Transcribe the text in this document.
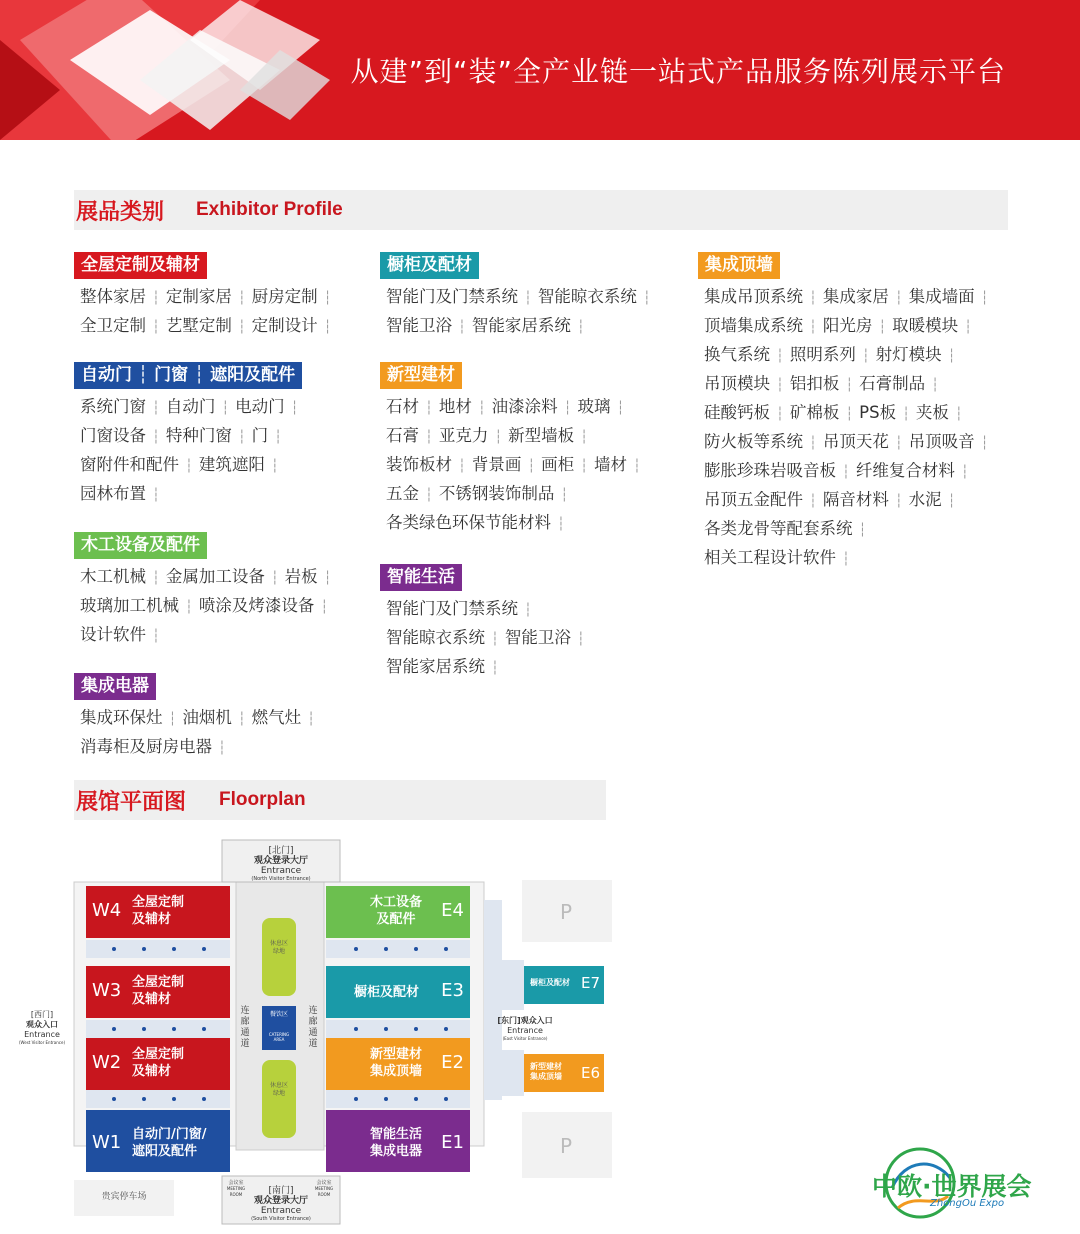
从建”到“装”全产业链一站式产品服务陈列展示平台
展品类别 Exhibitor Profile
全屋定制及辅材
整体家居 ┆ 定制家居 ┆ 厨房定制 ┆
全卫定制 ┆ 艺墅定制 ┆ 定制设计 ┆
自动门 ┆ 门窗 ┆ 遮阳及配件
系统门窗 ┆ 自动门 ┆ 电动门 ┆
门窗设备 ┆ 特种门窗 ┆ 门 ┆
窗附件和配件 ┆ 建筑遮阳 ┆
园林布置 ┆
木工设备及配件
木工机械 ┆ 金属加工设备 ┆ 岩板 ┆
玻璃加工机械 ┆ 喷涂及烤漆设备 ┆
设计软件 ┆
集成电器
集成环保灶 ┆ 油烟机 ┆ 燃气灶 ┆
消毒柜及厨房电器 ┆
橱柜及配材
智能门及门禁系统 ┆ 智能晾衣系统 ┆
智能卫浴 ┆ 智能家居系统 ┆
新型建材
石材 ┆ 地材 ┆ 油漆涂料 ┆ 玻璃 ┆
石膏 ┆ 亚克力 ┆ 新型墙板 ┆
装饰板材 ┆ 背景画 ┆ 画柜 ┆ 墙材 ┆
五金 ┆ 不锈钢装饰制品 ┆
各类绿色环保节能材料 ┆
智能生活
智能门及门禁系统 ┆
智能晾衣系统 ┆ 智能卫浴 ┆
智能家居系统 ┆
集成顶墙
集成吊顶系统 ┆ 集成家居 ┆ 集成墙面 ┆
顶墙集成系统 ┆ 阳光房 ┆ 取暖模块 ┆
换气系统 ┆ 照明系列 ┆ 射灯模块 ┆
吊顶模块 ┆ 铝扣板 ┆ 石膏制品 ┆
硅酸钙板 ┆ 矿棉板 ┆ PS板 ┆ 夹板 ┆
防火板等系统 ┆ 吊顶天花 ┆ 吊顶吸音 ┆
膨胀珍珠岩吸音板 ┆ 纤维复合材料 ┆
吊顶五金配件 ┆ 隔音材料 ┆ 水泥 ┆
各类龙骨等配套系统 ┆
相关工程设计软件 ┆
展馆平面图 Floorplan
W4 全屋定制
及辅材
W3 全屋定制
及辅材
W2 全屋定制
及辅材
W1 自动门/门窗/
遮阳及配件
E4
木工设备
及配件
E3
橱柜及配材
E2
新型建材
集成顶墙
E1
智能生活
集成电器
橱柜及配材 E7
新型建材
集成顶墙 E6
[北门]
观众登录大厅
Entrance
(North Visitor Entrance)
[南门]
观众登录大厅
Entrance
(South Visitor Entrance)
[西门]
观众入口
Entrance
(West Visitor Entrance)
[东门]观众入口
Entrance
(East Visitor Entrance)
休息区
绿地
休息区
绿地
餐饮区
CATERING
AREA
连
廊
通
道
连
廊
通
道
P
P
贵宾停车场
会议室
MEETING
ROOM
会议室
MEETING
ROOM	中欧·世界展会
ZhongOu Expo
